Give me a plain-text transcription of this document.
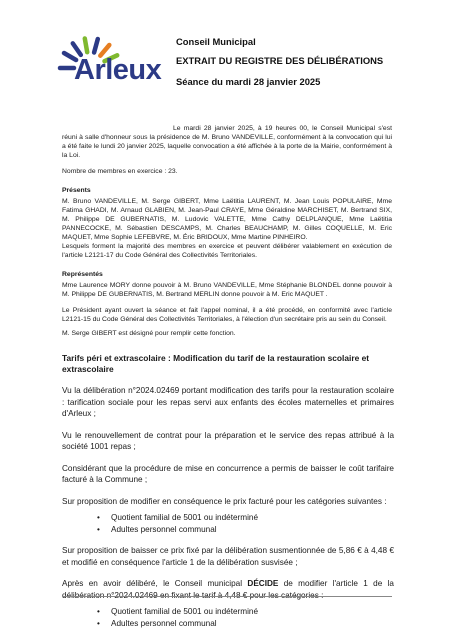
Arleux
Conseil Municipal
EXTRAIT DU REGISTRE DES DÉLIBÉRATIONS
Séance du mardi 28 janvier 2025

Le mardi 28 janvier 2025, à 19 heures 00, le Conseil Municipal s'est réuni à salle d'honneur sous la présidence de M. Bruno VANDEVILLE, conformément à la convocation qui lui a été faite le lundi 20 janvier 2025, laquelle convocation a été affichée à la porte de la Mairie, conformément à la Loi.

Nombre de membres en exercice : 23.

Présents

M. Bruno VANDEVILLE, M. Serge GIBERT, Mme Laëtitia LAURENT, M. Jean Louis POPULAIRE, Mme Fatima GHADI, M. Arnaud GLABIEN, M. Jean-Paul CRAYE, Mme Géraldine MARCHISET, M. Bertrand SIX, M. Philippe DE GUBERNATIS, M. Ludovic VALETTE, Mme Cathy DELPLANQUE, Mme Laëtitia PANNECOCKE, M. Sébastien DESCAMPS, M. Charles BEAUCHAMP, M. Gilles COQUELLE, M. Eric MAQUET, Mme Sophie LEFEBVRE, M. Éric BRIDOUX, Mme Martine PINHEIRO.

Lesquels forment la majorité des membres en exercice et peuvent délibérer valablement en exécution de l'article L2121-17 du Code Général des Collectivités Territoriales.

Représentés

Mme Laurence MORY donne pouvoir à M. Bruno VANDEVILLE, Mme Stéphanie BLONDEL donne pouvoir à M. Philippe DE GUBERNATIS, M. Bertrand MERLIN donne pouvoir à M. Eric MAQUET .

Le Président ayant ouvert la séance et fait l'appel nominal, il a été procédé, en conformité avec l'article L2121-15 du Code Général des Collectivités Territoriales, à l'élection d'un secrétaire pris au sein du Conseil.

M. Serge GIBERT est désigné pour remplir cette fonction.

Tarifs péri et extrascolaire : Modification du tarif de la restauration scolaire et extrascolaire

Vu la délibération n°2024.02469 portant modification des tarifs pour la restauration scolaire : tarification sociale pour les repas servi aux enfants des écoles maternelles et primaires d'Arleux ;

Vu le renouvellement de contrat pour la préparation et le service des repas attribué à la société 1001 repas ;

Considérant que la procédure de mise en concurrence a permis de baisser le coût tarifaire facturé à la Commune ;

Sur proposition de modifier en conséquence le prix facturé pour les catégories suivantes :

• Quotient familial de 5001 ou indéterminé
• Adultes personnel communal

Sur proposition de baisser ce prix fixé par la délibération susmentionnée de 5,86 € à 4,48 € et modifié en conséquence l'article 1 de la délibération susvisée ;

Après en avoir délibéré, le Conseil municipal DÉCIDE de modifier l'article 1 de la délibération n°2024.02469 en fixant le tarif à 4,48 € pour les catégories :

• Quotient familial de 5001 ou indéterminé
• Adultes personnel communal
